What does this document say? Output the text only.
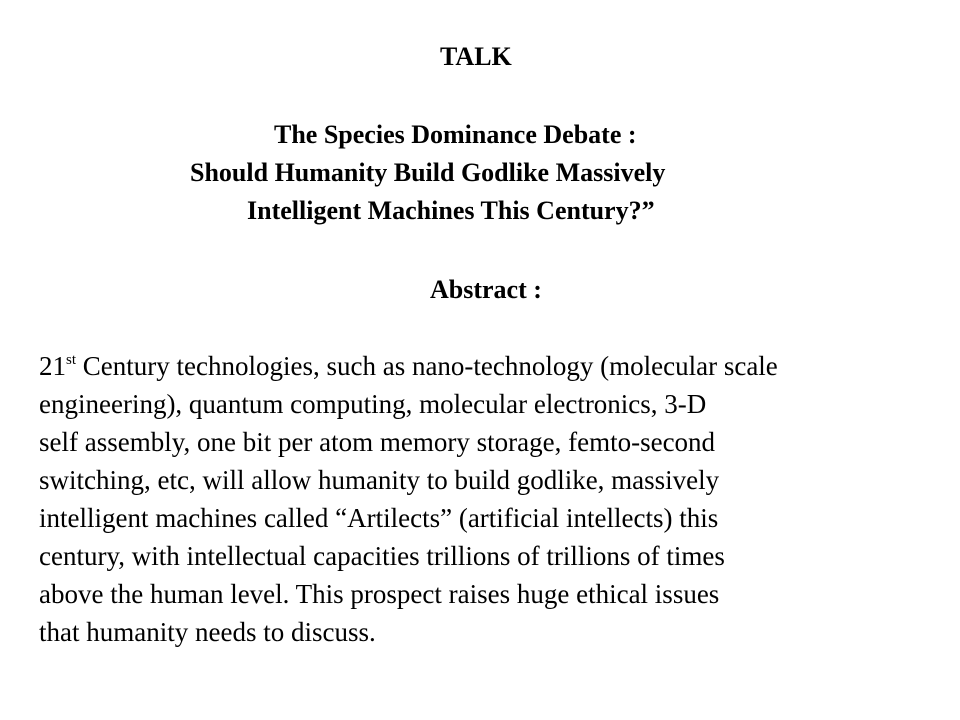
TALK
The Species Dominance Debate :
Should Humanity Build Godlike Massively
Intelligent Machines This Century?”
Abstract :
21st Century technologies, such as nano-technology (molecular scale
engineering), quantum computing, molecular electronics, 3-D
self assembly, one bit per atom memory storage, femto-second
switching, etc, will allow humanity to build godlike, massively
intelligent machines called “Artilects” (artificial intellects) this
century, with intellectual capacities trillions of trillions of times
above the human level. This prospect raises huge ethical issues
that humanity needs to discuss.
